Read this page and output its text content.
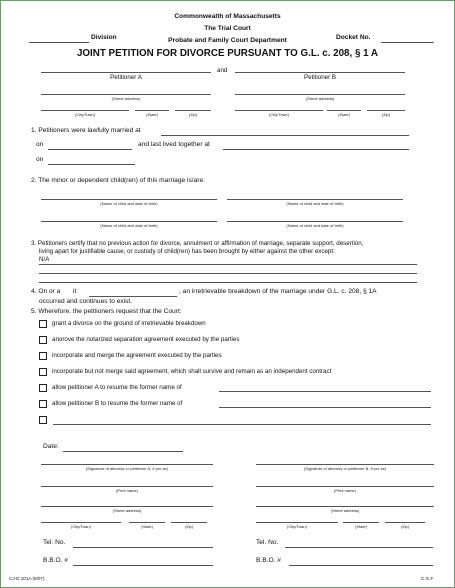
Commonwealth of Massachusetts
The Trial Court
Probate and Family Court Department
Division	Docket No.
JOINT PETITION FOR DIVORCE PURSUANT TO G.L. c. 208, § 1 A
and
Petitioner A	Petitioner B
(Street address)	(Street address)
(City/Town)	(State)	(Zip)	(City/Town)	(State)	(Zip)
1. Petitioners were lawfully married at
on	and last lived together at
on
2. The minor or dependent child(ren) of this marriage is/are:
(Name of child and date of birth)	(Name of child and date of birth)
(Name of child and date of birth)	(Name of child and date of birth)
3. Petitioners certify that no previous action for divorce, annulment or affirmation of marriage, separate support, desertion,
living apart for justifiable cause, or custody of child(ren) has been brought by either against the other except:
N/A
4. On or a it	, an irretrievable breakdown of the marriage under G.L. c. 208, § 1A
occurred and continues to exist.
5. Wherefore, the petitioners request that the Court:
grant a divorce on the ground of irretrievable breakdown
anorove the notarized separation agreement executed by the parties
incorporate and merge the agreement executed by the parties
incorporate but not merge said agreement, which shall survive and remain as an independent contract
allow petitioner A to resume the former name of
allow petitioner B to resume the former name of
Date:
(Signature of attorney or petitioner A, if pro se)	(Signature of attorney or petitioner B, if pro se)
(Print name)	(Print name)
(Street address)	(Street address)
(City/Town)	(State)	(Zip)	(City/Town)	(State)	(Zip)
Tel. No.	Tel. No.
B.B.O. #	B.B.O. #
CJ-D 101A (9/07)	C.G.F
